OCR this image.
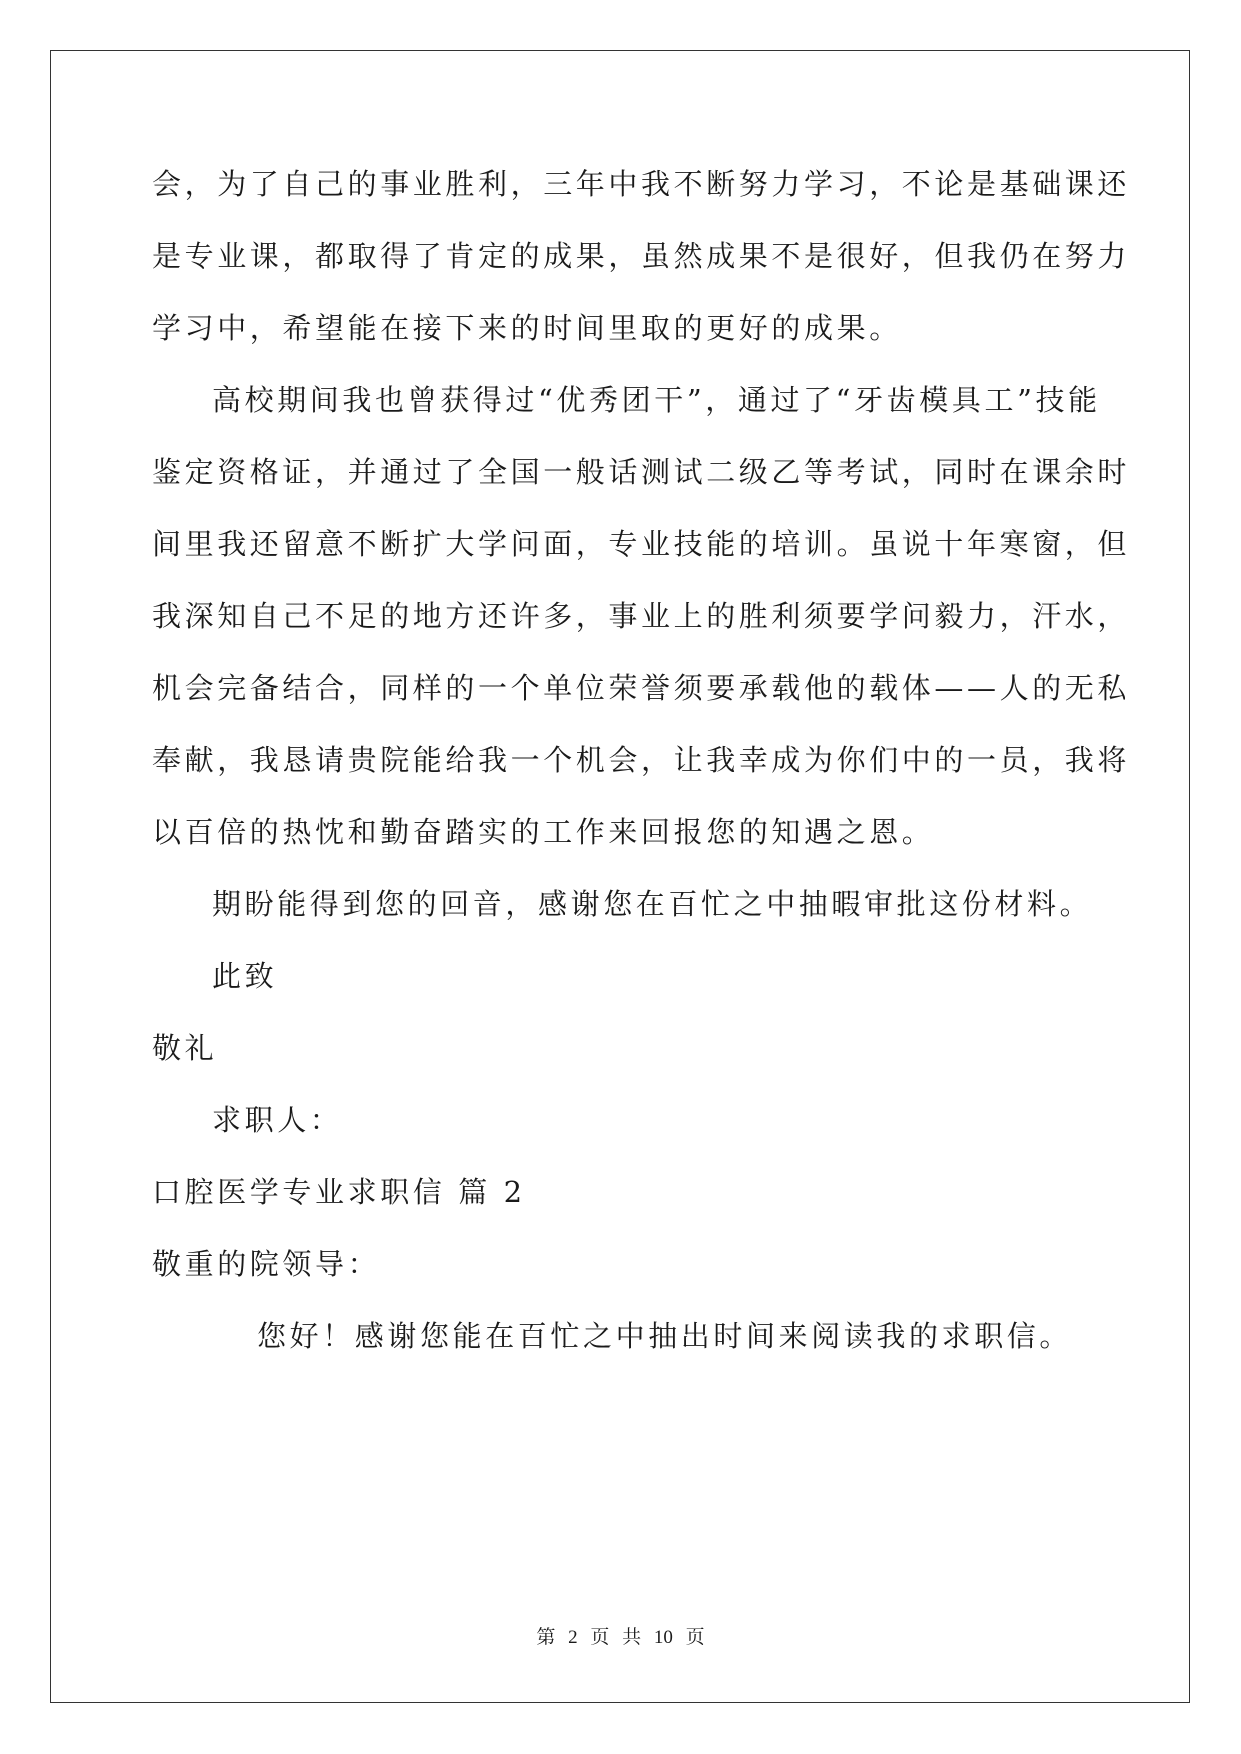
会，为了自己的事业胜利，三年中我不断努力学习，不论是基础课还
是专业课，都取得了肯定的成果，虽然成果不是很好，但我仍在努力
学习中，希望能在接下来的时间里取的更好的成果。
高校期间我也曾获得过“优秀团干”，通过了“牙齿模具工”技能
鉴定资格证，并通过了全国一般话测试二级乙等考试，同时在课余时
间里我还留意不断扩大学问面，专业技能的培训。虽说十年寒窗，但
我深知自己不足的地方还许多，事业上的胜利须要学问毅力，汗水，
机会完备结合，同样的一个单位荣誉须要承载他的载体——人的无私
奉献，我恳请贵院能给我一个机会，让我幸成为你们中的一员，我将
以百倍的热忱和勤奋踏实的工作来回报您的知遇之恩。
期盼能得到您的回音，感谢您在百忙之中抽暇审批这份材料。
此致
敬礼
求职人：
口腔医学专业求职信 篇 2
敬重的院领导：
您好！感谢您能在百忙之中抽出时间来阅读我的求职信。
第 2 页 共 10 页
